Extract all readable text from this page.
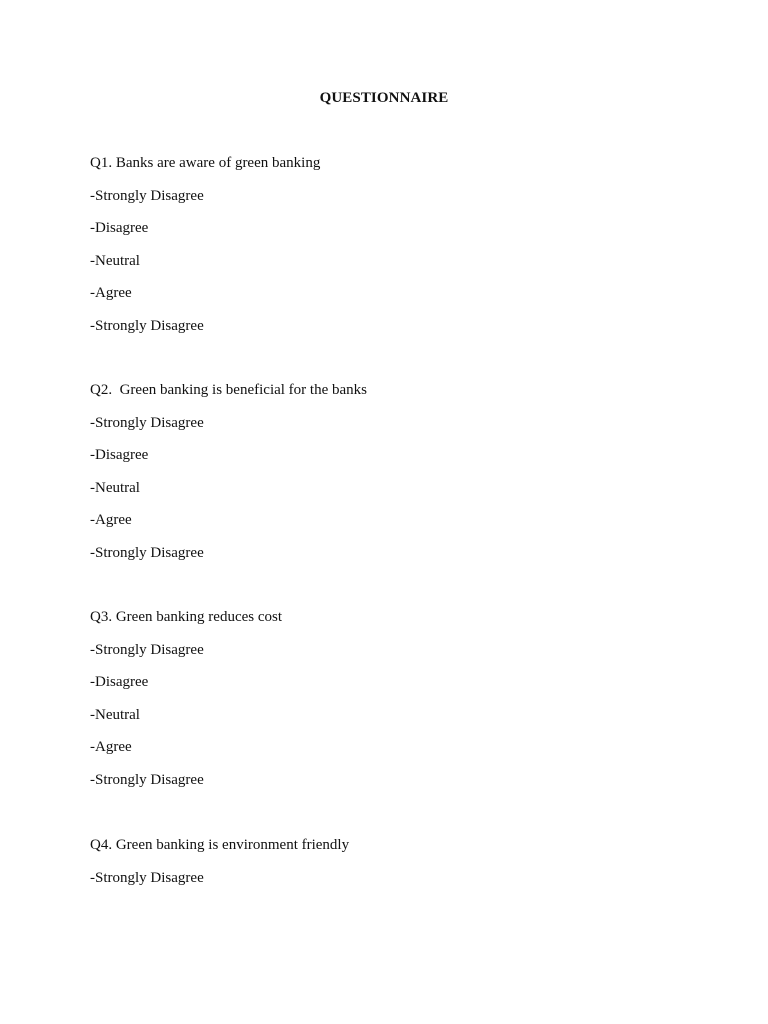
QUESTIONNAIRE

Q1. Banks are aware of green banking

-Strongly Disagree

-Disagree

-Neutral

-Agree

-Strongly Disagree

Q2.  Green banking is beneficial for the banks

-Strongly Disagree

-Disagree

-Neutral

-Agree

-Strongly Disagree

Q3. Green banking reduces cost

-Strongly Disagree

-Disagree

-Neutral

-Agree

-Strongly Disagree

Q4. Green banking is environment friendly

-Strongly Disagree
